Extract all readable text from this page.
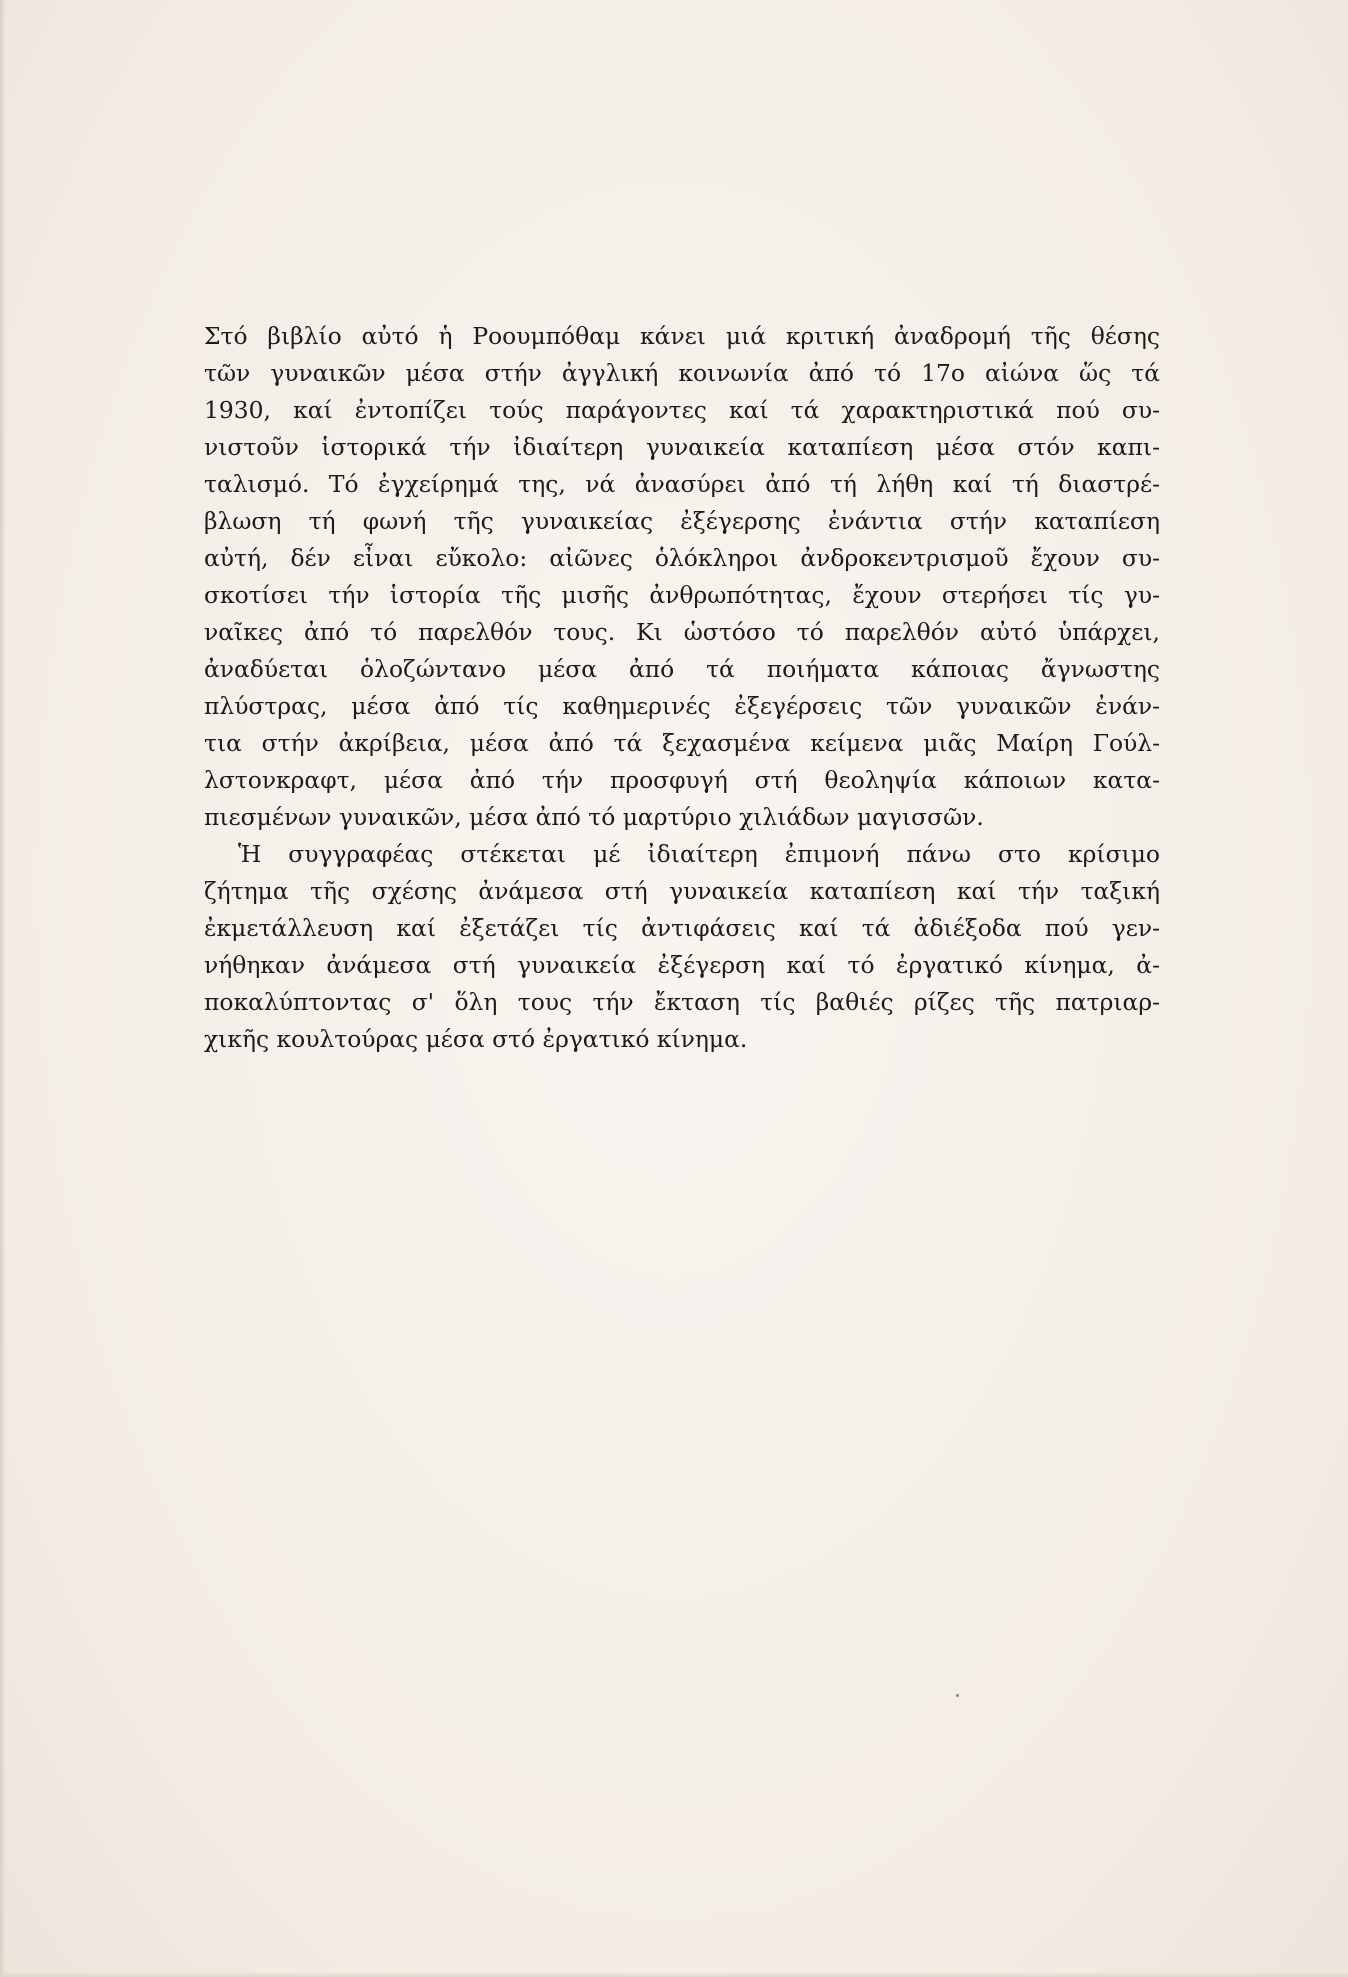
Στό βιβλίο αὐτό ἡ Ροουμπόθαμ κάνει μιά κριτική ἀναδρομή τῆς θέσης
τῶν γυναικῶν μέσα στήν ἀγγλική κοινωνία ἀπό τό 17ο αἰώνα ὥς τά
1930, καί ἐντοπίζει τούς παράγοντες καί τά χαρακτηριστικά πού συ-
νιστοῦν ἱστορικά τήν ἰδιαίτερη γυναικεία καταπίεση μέσα στόν καπι-
ταλισμό. Τό ἐγχείρημά της, νά ἀνασύρει ἀπό τή λήθη καί τή διαστρέ-
βλωση τή φωνή τῆς γυναικείας ἐξέγερσης ἐνάντια στήν καταπίεση
αὐτή, δέν εἶναι εὔκολο: αἰῶνες ὁλόκληροι ἀνδροκεντρισμοῦ ἔχουν συ-
σκοτίσει τήν ἱστορία τῆς μισῆς ἀνθρωπότητας, ἔχουν στερήσει τίς γυ-
ναῖκες ἀπό τό παρελθόν τους. Κι ὡστόσο τό παρελθόν αὐτό ὑπάρχει,
ἀναδύεται ὁλοζώντανο μέσα ἀπό τά ποιήματα κάποιας ἄγνωστης
πλύστρας, μέσα ἀπό τίς καθημερινές ἐξεγέρσεις τῶν γυναικῶν ἐνάν-
τια στήν ἀκρίβεια, μέσα ἀπό τά ξεχασμένα κείμενα μιᾶς Μαίρη Γούλ-
λστονκραφτ, μέσα ἀπό τήν προσφυγή στή θεοληψία κάποιων κατα-
πιεσμένων γυναικῶν, μέσα ἀπό τό μαρτύριο χιλιάδων μαγισσῶν.
Ἡ συγγραφέας στέκεται μέ ἰδιαίτερη ἐπιμονή πάνω στο κρίσιμο
ζήτημα τῆς σχέσης ἀνάμεσα στή γυναικεία καταπίεση καί τήν ταξική
ἐκμετάλλευση καί ἐξετάζει τίς ἀντιφάσεις καί τά ἀδιέξοδα πού γεν-
νήθηκαν ἀνάμεσα στή γυναικεία ἐξέγερση καί τό ἐργατικό κίνημα, ἀ-
ποκαλύπτοντας σ' ὅλη τους τήν ἔκταση τίς βαθιές ρίζες τῆς πατριαρ-
χικῆς κουλτούρας μέσα στό ἐργατικό κίνημα.
